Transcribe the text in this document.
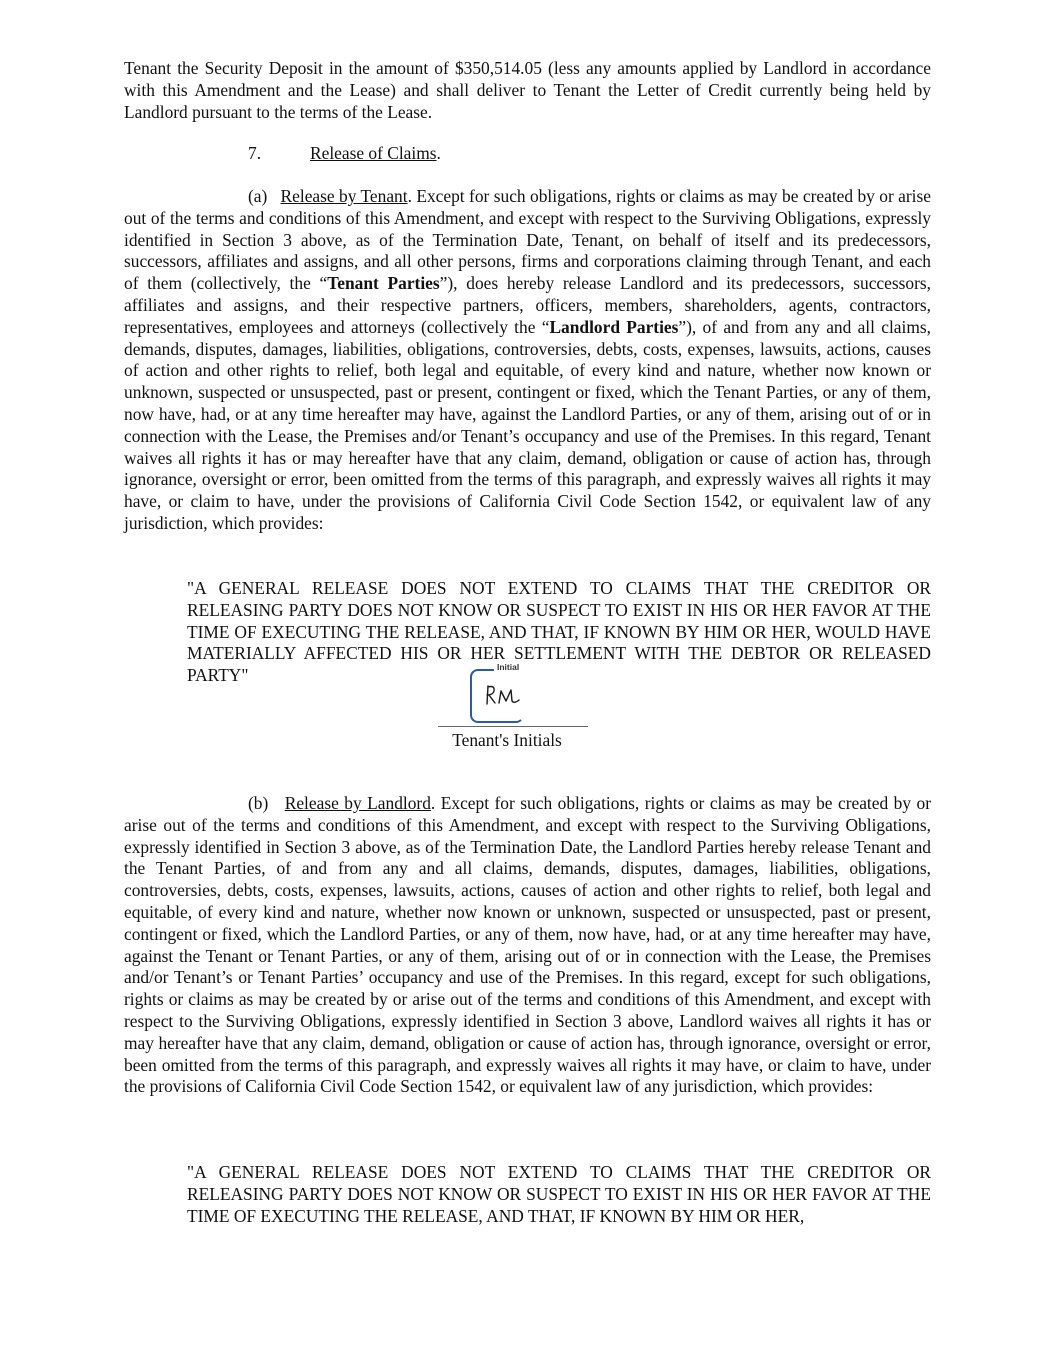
Tenant the Security Deposit in the amount of $350,514.05 (less any amounts applied by Landlord in accordance with this Amendment and the Lease) and shall deliver to Tenant the Letter of Credit currently being held by Landlord pursuant to the terms of the Lease.

7.	Release of Claims.

(a) Release by Tenant. Except for such obligations, rights or claims as may be created by or arise out of the terms and conditions of this Amendment, and except with respect to the Surviving Obligations, expressly identified in Section 3 above, as of the Termination Date, Tenant, on behalf of itself and its predecessors, successors, affiliates and assigns, and all other persons, firms and corporations claiming through Tenant, and each of them (collectively, the “Tenant Parties”), does hereby release Landlord and its predecessors, successors, affiliates and assigns, and their respective partners, officers, members, shareholders, agents, contractors, representatives, employees and attorneys (collectively the “Landlord Parties”), of and from any and all claims, demands, disputes, damages, liabilities, obligations, controversies, debts, costs, expenses, lawsuits, actions, causes of action and other rights to relief, both legal and equitable, of every kind and nature, whether now known or unknown, suspected or unsuspected, past or present, contingent or fixed, which the Tenant Parties, or any of them, now have, had, or at any time hereafter may have, against the Landlord Parties, or any of them, arising out of or in connection with the Lease, the Premises and/or Tenant’s occupancy and use of the Premises. In this regard, Tenant waives all rights it has or may hereafter have that any claim, demand, obligation or cause of action has, through ignorance, oversight or error, been omitted from the terms of this paragraph, and expressly waives all rights it may have, or claim to have, under the provisions of California Civil Code Section 1542, or equivalent law of any jurisdiction, which provides:

"A GENERAL RELEASE DOES NOT EXTEND TO CLAIMS THAT THE CREDITOR OR RELEASING PARTY DOES NOT KNOW OR SUSPECT TO EXIST IN HIS OR HER FAVOR AT THE TIME OF EXECUTING THE RELEASE, AND THAT, IF KNOWN BY HIM OR HER, WOULD HAVE MATERIALLY AFFECTED HIS OR HER SETTLEMENT WITH THE DEBTOR OR RELEASED PARTY"	Initial
Tenant's Initials

(b) Release by Landlord. Except for such obligations, rights or claims as may be created by or arise out of the terms and conditions of this Amendment, and except with respect to the Surviving Obligations, expressly identified in Section 3 above, as of the Termination Date, the Landlord Parties hereby release Tenant and the Tenant Parties, of and from any and all claims, demands, disputes, damages, liabilities, obligations, controversies, debts, costs, expenses, lawsuits, actions, causes of action and other rights to relief, both legal and equitable, of every kind and nature, whether now known or unknown, suspected or unsuspected, past or present, contingent or fixed, which the Landlord Parties, or any of them, now have, had, or at any time hereafter may have, against the Tenant or Tenant Parties, or any of them, arising out of or in connection with the Lease, the Premises and/or Tenant’s or Tenant Parties’ occupancy and use of the Premises. In this regard, except for such obligations, rights or claims as may be created by or arise out of the terms and conditions of this Amendment, and except with respect to the Surviving Obligations, expressly identified in Section 3 above, Landlord waives all rights it has or may hereafter have that any claim, demand, obligation or cause of action has, through ignorance, oversight or error, been omitted from the terms of this paragraph, and expressly waives all rights it may have, or claim to have, under the provisions of California Civil Code Section 1542, or equivalent law of any jurisdiction, which provides:

"A GENERAL RELEASE DOES NOT EXTEND TO CLAIMS THAT THE CREDITOR OR RELEASING PARTY DOES NOT KNOW OR SUSPECT TO EXIST IN HIS OR HER FAVOR AT THE TIME OF EXECUTING THE RELEASE, AND THAT, IF KNOWN BY HIM OR HER,
